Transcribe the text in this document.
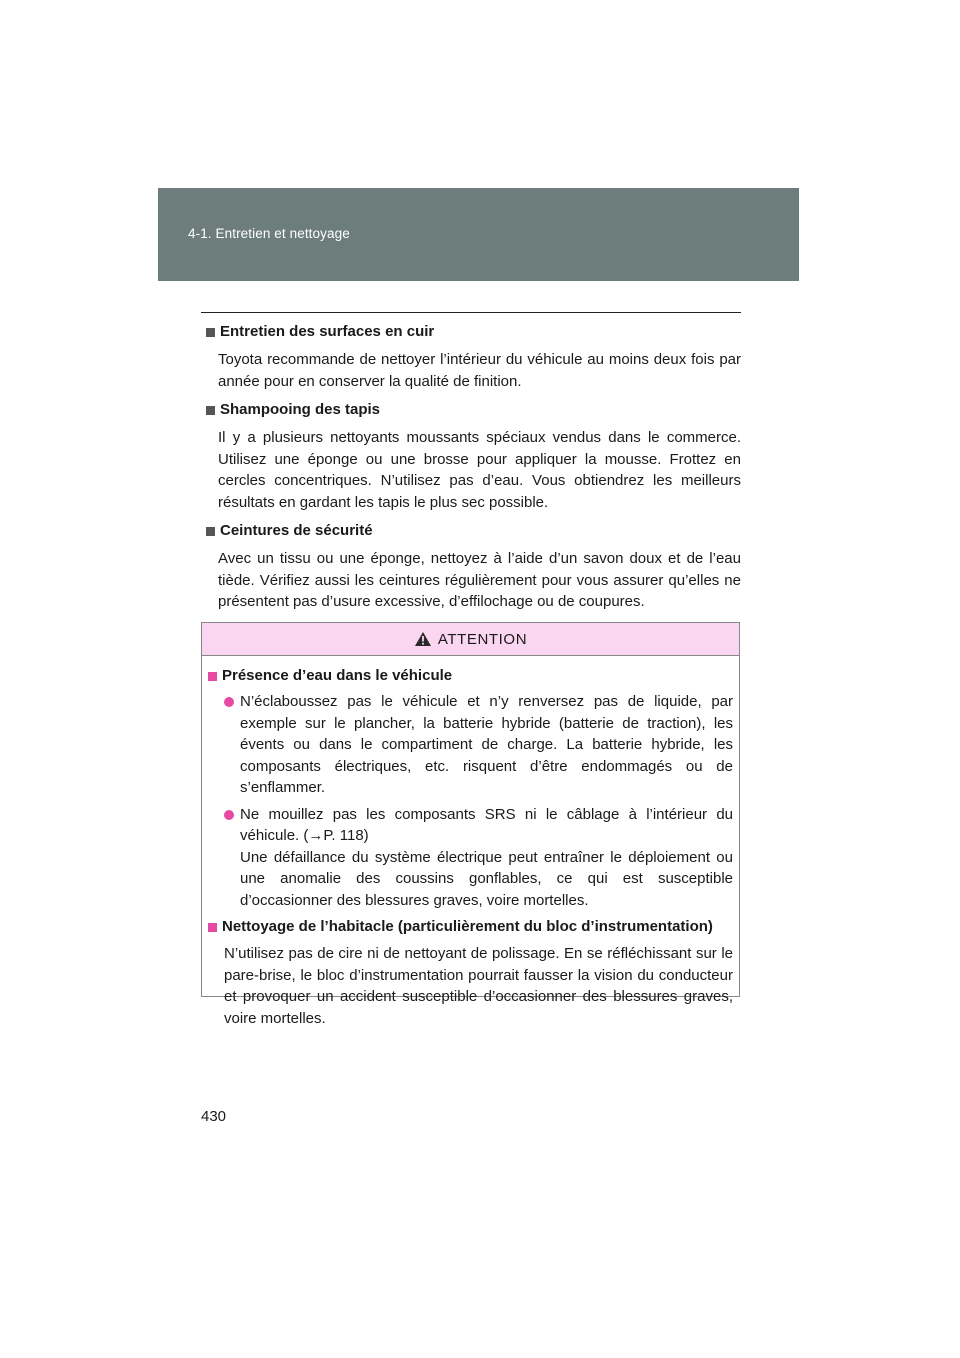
4-1. Entretien et nettoyage
Entretien des surfaces en cuir
Toyota recommande de nettoyer l’intérieur du véhicule au moins deux fois par année pour en conserver la qualité de finition.
Shampooing des tapis
Il y a plusieurs nettoyants moussants spéciaux vendus dans le commerce. Utilisez une éponge ou une brosse pour appliquer la mousse. Frottez en cercles concentriques. N’utilisez pas d’eau. Vous obtiendrez les meilleurs résultats en gardant les tapis le plus sec possible.
Ceintures de sécurité
Avec un tissu ou une éponge, nettoyez à l’aide d’un savon doux et de l’eau tiède. Vérifiez aussi les ceintures régulièrement pour vous assurer qu’elles ne présentent pas d’usure excessive, d’effilochage ou de coupures.
ATTENTION
Présence d’eau dans le véhicule
N’éclaboussez pas le véhicule et n’y renversez pas de liquide, par exemple sur le plancher, la batterie hybride (batterie de traction), les évents ou dans le compartiment de charge. La batterie hybride, les composants électriques, etc. risquent d’être endommagés ou de s’enflammer.
Ne mouillez pas les composants SRS ni le câblage à l’intérieur du véhicule. (→P. 118)
Une défaillance du système électrique peut entraîner le déploiement ou une anomalie des coussins gonflables, ce qui est susceptible d’occasionner des blessures graves, voire mortelles.
Nettoyage de l’habitacle (particulièrement du bloc d’instrumentation)
N’utilisez pas de cire ni de nettoyant de polissage. En se réfléchissant sur le pare-brise, le bloc d’instrumentation pourrait fausser la vision du conducteur et provoquer un accident susceptible d’occasionner des blessures graves, voire mortelles.
430
